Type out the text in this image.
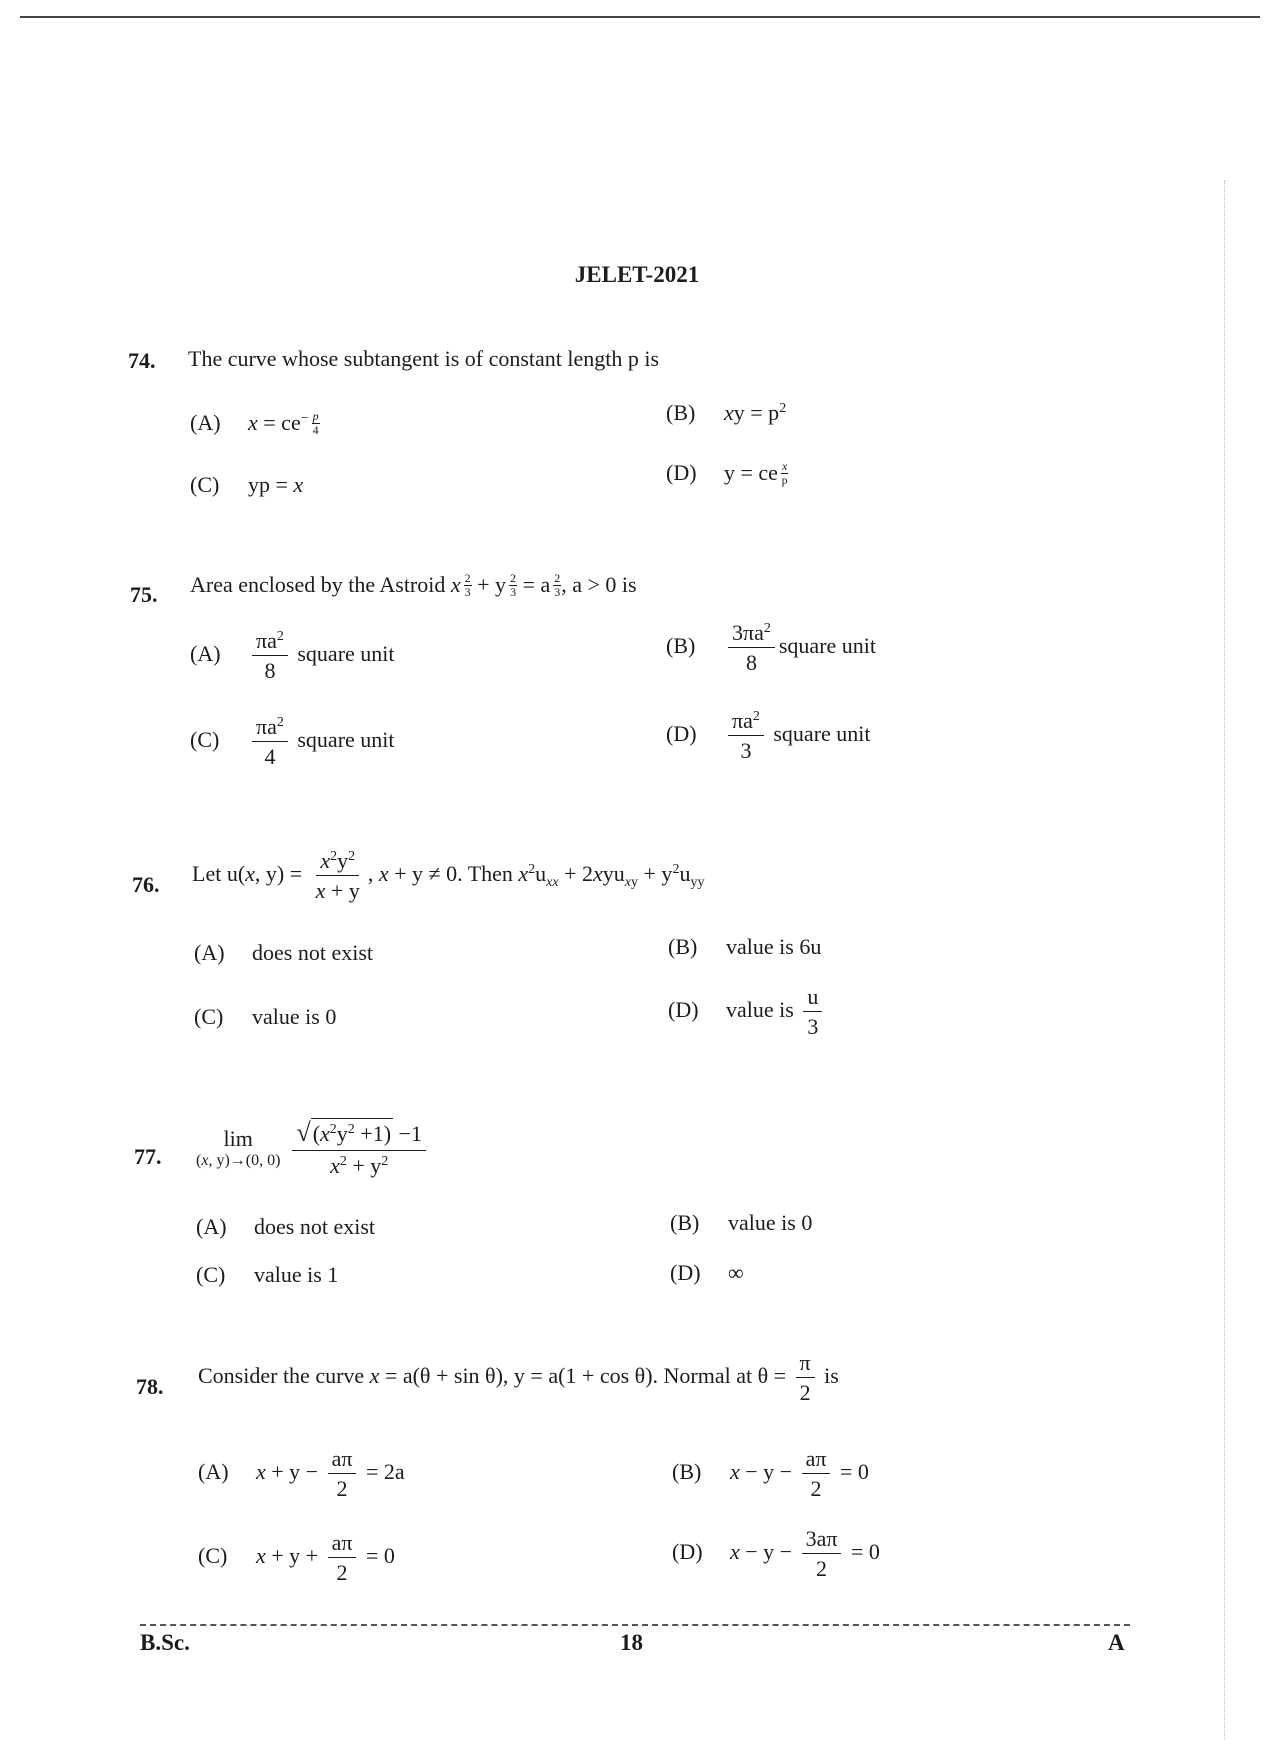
JELET-2021
74. The curve whose subtangent is of constant length p is
(A) $x = ce^- \frac{p}{4}$	(B) xy = $p^2$
(C) yp = x	(D) y = ce $\frac{x}{p}$
75. Area enclosed by the Astroid x $\frac{2}{3} + y \frac{2}{3} = a \frac{2}{3}$ , a > 0 is
$(A) \frac{\pi a^2}{8}$ square unit	$(B) \frac{3\pi a^2}{8}$ square unit
$(C) \frac{\pi a^2}{4}$ square unit	$(D) \frac{\pi a^2}{3}$ square unit
76. Let u(x, $y) = \frac{x^2y^2}{x + y}$ , x + y ≠ 0. Then $x^2u_{xx} + 2xyu_{xy} + y^2u_{yy}$
(A) does not exist	(B) value is 6u
(C) value is 0	(D) value is $\frac{u}{3}$
77.
lim
(x, y)→(0, $0) \frac{√(x^2y^2 +1) -1}{x^2 + y^2}$
(A) does not exist	(B) value is 0
(C) value is 1	(D) ∞
78. Consider the curve x = a(θ + sin θ), y = a(1 + cos θ). Normal at $\theta = \frac{\pi}{2}$ is
(A) $x + y - \frac{a\pi}{2} = 2a$	(B) $x - y - \frac{a\pi}{2} = 0$
(C) $x + y + \frac{a\pi}{2} = 0$	(D) $x - y - \frac{3a\pi}{2} = 0$
B.Sc.	18	A
